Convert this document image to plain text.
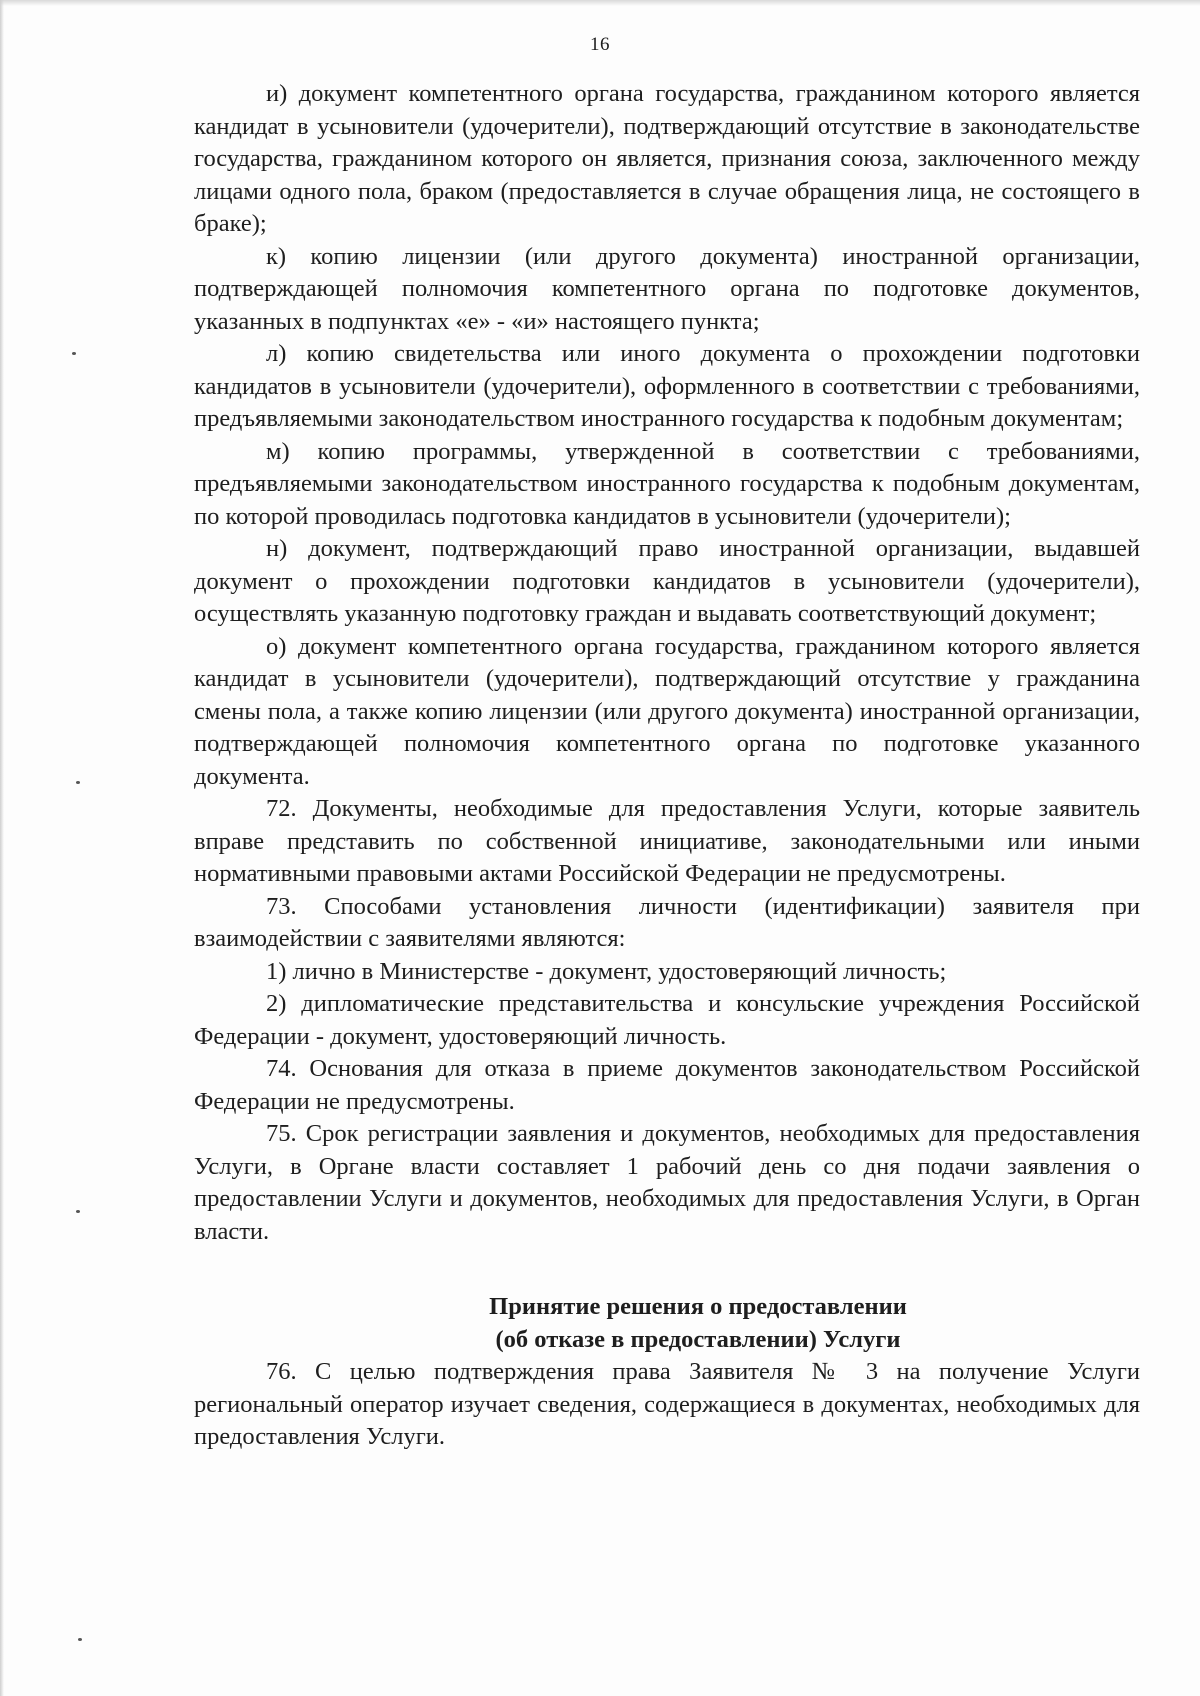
16

и) документ компетентного органа государства, гражданином которого является кандидат в усыновители (удочерители), подтверждающий отсутствие в законодательстве государства, гражданином которого он является, признания союза, заключенного между лицами одного пола, браком (предоставляется в случае обращения лица, не состоящего в браке);

к) копию лицензии (или другого документа) иностранной организации, подтверждающей полномочия компетентного органа по подготовке документов, указанных в подпунктах «е» - «и» настоящего пункта;

л) копию свидетельства или иного документа о прохождении подготовки кандидатов в усыновители (удочерители), оформленного в соответствии с требованиями, предъявляемыми законодательством иностранного государства к подобным документам;

м) копию программы, утвержденной в соответствии с требованиями, предъявляемыми законодательством иностранного государства к подобным документам, по которой проводилась подготовка кандидатов в усыновители (удочерители);

н) документ, подтверждающий право иностранной организации, выдавшей документ о прохождении подготовки кандидатов в усыновители (удочерители), осуществлять указанную подготовку граждан и выдавать соответствующий документ;

о) документ компетентного органа государства, гражданином которого является кандидат в усыновители (удочерители), подтверждающий отсутствие у гражданина смены пола, а также копию лицензии (или другого документа) иностранной организации, подтверждающей полномочия компетентного органа по подготовке указанного документа.

72. Документы, необходимые для предоставления Услуги, которые заявитель вправе представить по собственной инициативе, законодательными или иными нормативными правовыми актами Российской Федерации не предусмотрены.

73. Способами установления личности (идентификации) заявителя при взаимодействии с заявителями являются:

1) лично в Министерстве - документ, удостоверяющий личность;

2) дипломатические представительства и консульские учреждения Российской Федерации - документ, удостоверяющий личность.

74. Основания для отказа в приеме документов законодательством Российской Федерации не предусмотрены.

75. Срок регистрации заявления и документов, необходимых для предоставления Услуги, в Органе власти составляет 1 рабочий день со дня подачи заявления о предоставлении Услуги и документов, необходимых для предоставления Услуги, в Орган власти.

Принятие решения о предоставлении
(об отказе в предоставлении) Услуги

76. С целью подтверждения права Заявителя № 3 на получение Услуги региональный оператор изучает сведения, содержащиеся в документах, необходимых для предоставления Услуги.
